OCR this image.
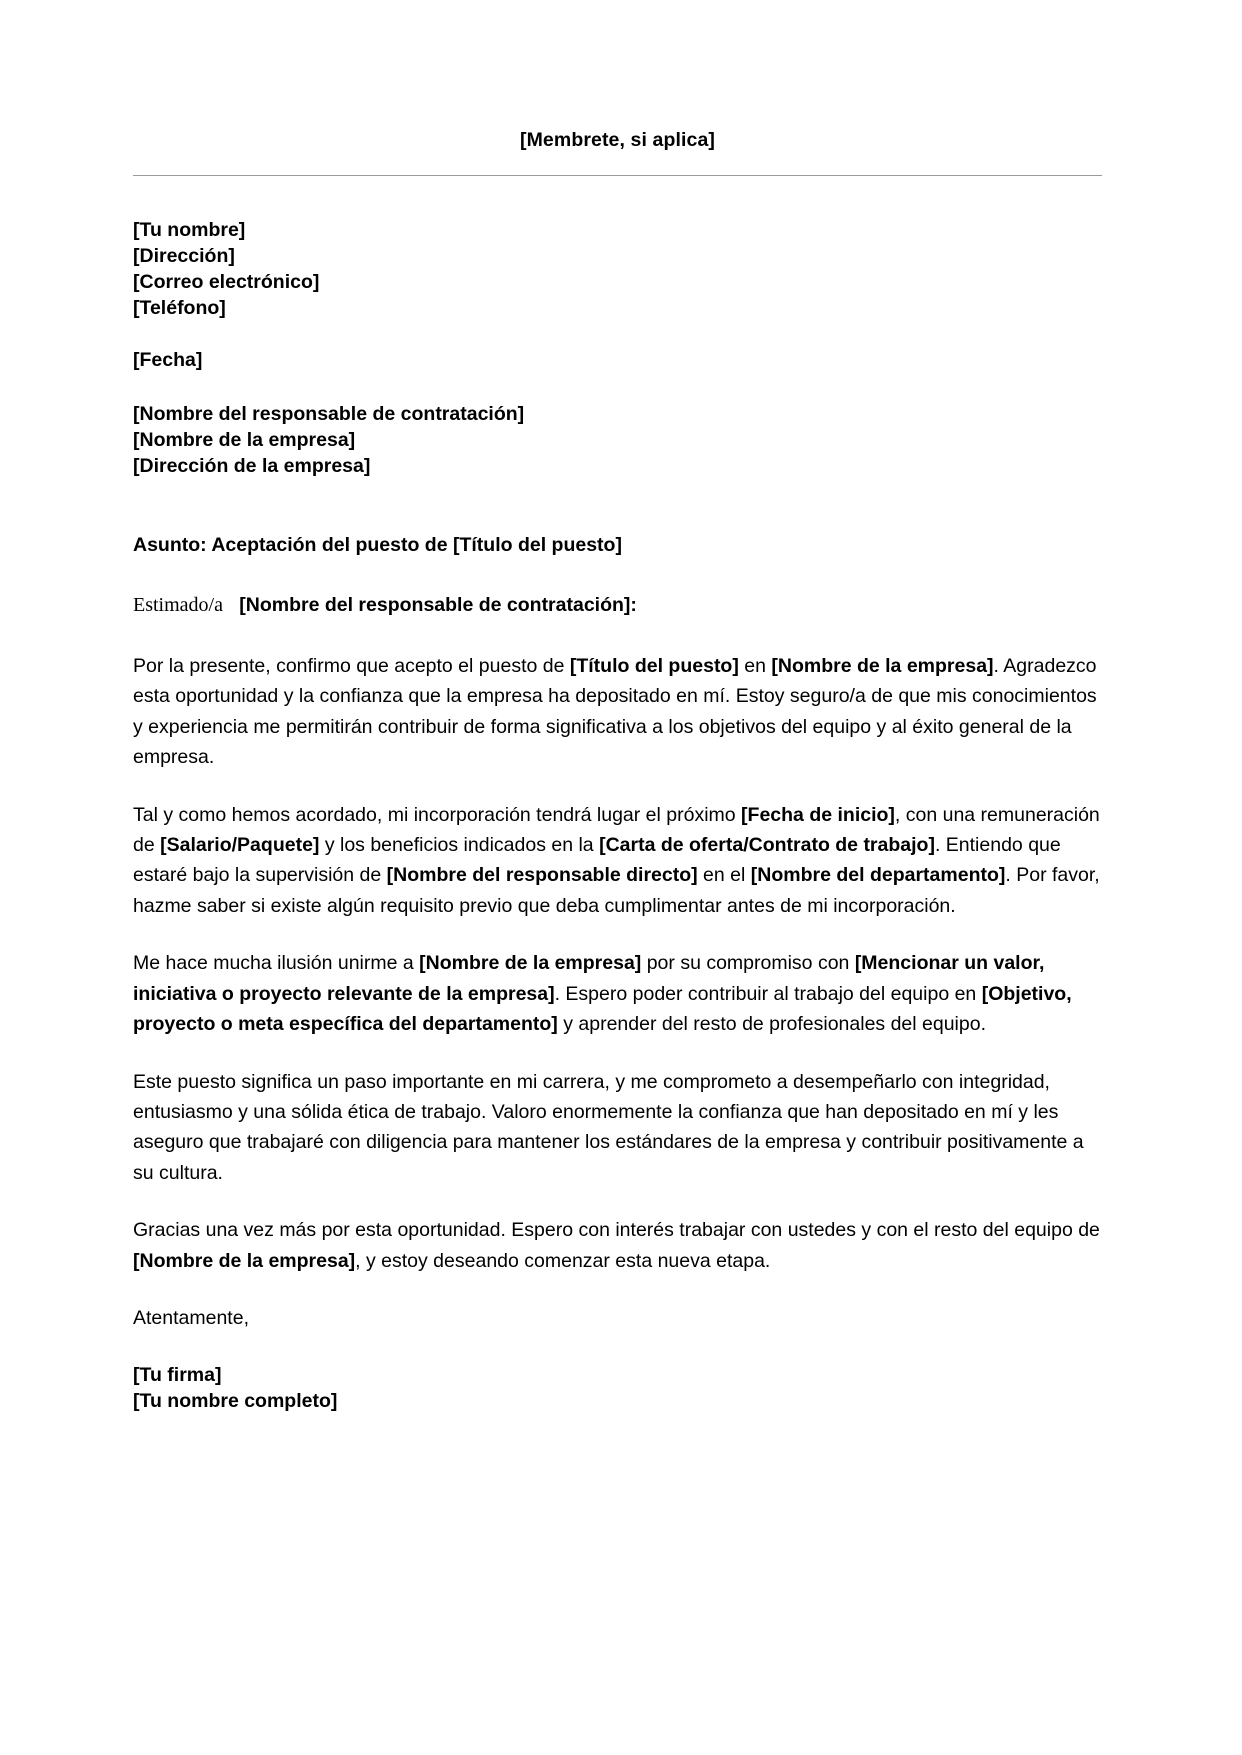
[Membrete, si aplica]
[Tu nombre]
[Dirección]
[Correo electrónico]
[Teléfono]
[Fecha]
[Nombre del responsable de contratación]
[Nombre de la empresa]
[Dirección de la empresa]
Asunto: Aceptación del puesto de [Título del puesto]
Estimado/a [Nombre del responsable de contratación]:

Por la presente, confirmo que acepto el puesto de [Título del puesto] en [Nombre de la empresa]. Agradezco esta oportunidad y la confianza que la empresa ha depositado en mí. Estoy seguro/a de que mis conocimientos y experiencia me permitirán contribuir de forma significativa a los objetivos del equipo y al éxito general de la empresa.

Tal y como hemos acordado, mi incorporación tendrá lugar el próximo [Fecha de inicio], con una remuneración de [Salario/Paquete] y los beneficios indicados en la [Carta de oferta/Contrato de trabajo]. Entiendo que estaré bajo la supervisión de [Nombre del responsable directo] en el [Nombre del departamento]. Por favor, hazme saber si existe algún requisito previo que deba cumplimentar antes de mi incorporación.

Me hace mucha ilusión unirme a [Nombre de la empresa] por su compromiso con [Mencionar un valor, iniciativa o proyecto relevante de la empresa]. Espero poder contribuir al trabajo del equipo en [Objetivo, proyecto o meta específica del departamento] y aprender del resto de profesionales del equipo.

Este puesto significa un paso importante en mi carrera, y me comprometo a desempeñarlo con integridad, entusiasmo y una sólida ética de trabajo. Valoro enormemente la confianza que han depositado en mí y les aseguro que trabajaré con diligencia para mantener los estándares de la empresa y contribuir positivamente a su cultura.

Gracias una vez más por esta oportunidad. Espero con interés trabajar con ustedes y con el resto del equipo de [Nombre de la empresa], y estoy deseando comenzar esta nueva etapa.

Atentamente,
[Tu firma]
[Tu nombre completo]
